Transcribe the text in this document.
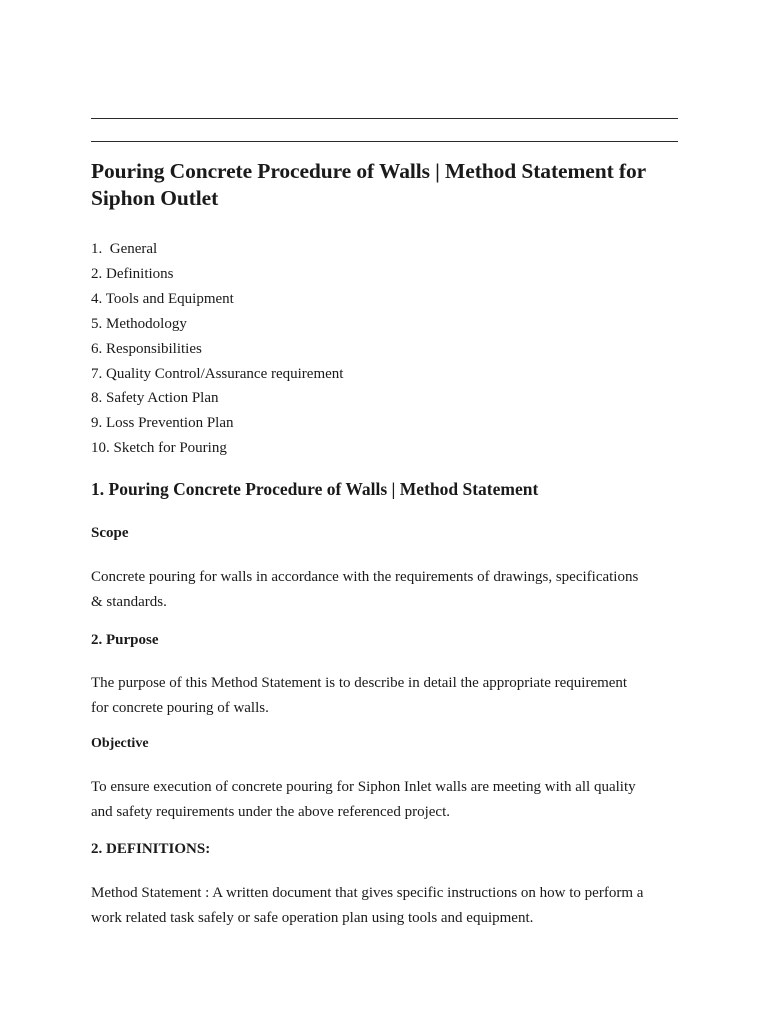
Pouring Concrete Procedure of Walls | Method Statement for Siphon Outlet
1.  General
2. Definitions
4. Tools and Equipment
5. Methodology
6. Responsibilities
7. Quality Control/Assurance requirement
8. Safety Action Plan
9. Loss Prevention Plan
10. Sketch for Pouring
1. Pouring Concrete Procedure of Walls | Method Statement
Scope

Concrete pouring for walls in accordance with the requirements of drawings, specifications
& standards.

2. Purpose

The purpose of this Method Statement is to describe in detail the appropriate requirement
for concrete pouring of walls.

Objective

To ensure execution of concrete pouring for Siphon Inlet walls are meeting with all quality
and safety requirements under the above referenced project.

2. DEFINITIONS:

Method Statement : A written document that gives specific instructions on how to perform a
work related task safely or safe operation plan using tools and equipment.
